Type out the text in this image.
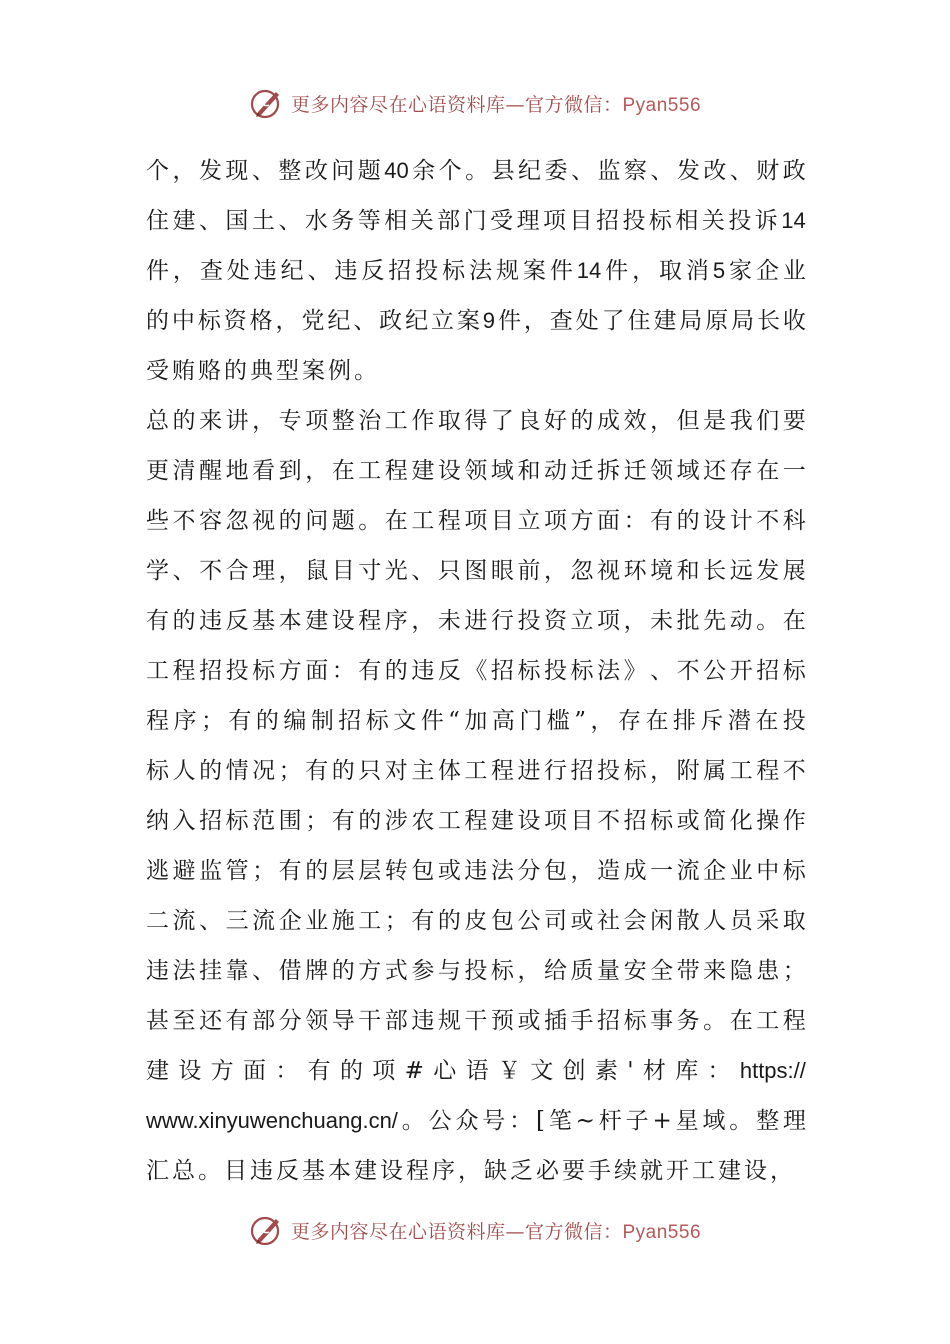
更多内容尽在心语资料库—官方微信：Pyan556
个 ， 发 现 、 整 改 问 题 40 余 个 。 县 纪 委 、 监 察 、 发 改 、 财 政
住 建 、 国 土 、 水 务 等 相 关 部 门 受 理 项 目 招 投 标 相 关 投 诉 14
件 ， 查 处 违 纪 、 违 反 招 投 标 法 规 案 件 14 件 ， 取 消 5 家 企 业
的 中 标 资 格 ， 党 纪 、 政 纪 立 案 9 件 ， 查 处 了 住 建 局 原 局 长 收
受 贿 赂 的 典 型 案 例 。
总 的 来 讲 ， 专 项 整 治 工 作 取 得 了 良 好 的 成 效 ， 但 是 我 们 要
更 清 醒 地 看 到 ， 在 工 程 建 设 领 域 和 动 迁 拆 迁 领 域 还 存 在 一
些 不 容 忽 视 的 问 题 。 在 工 程 项 目 立 项 方 面 ： 有 的 设 计 不 科
学 、 不 合 理 ， 鼠 目 寸 光 、 只 图 眼 前 ， 忽 视 环 境 和 长 远 发 展
有 的 违 反 基 本 建 设 程 序 ， 未 进 行 投 资 立 项 ， 未 批 先 动 。 在
工 程 招 投 标 方 面 ： 有 的 违 反 《 招 标 投 标 法 》 、 不 公 开 招 标
程 序 ； 有 的 编 制 招 标 文 件 “ 加 高 门 槛 ” ， 存 在 排 斥 潜 在 投
标 人 的 情 况 ； 有 的 只 对 主 体 工 程 进 行 招 投 标 ， 附 属 工 程 不
纳 入 招 标 范 围 ； 有 的 涉 农 工 程 建 设 项 目 不 招 标 或 简 化 操 作
逃 避 监 管 ； 有 的 层 层 转 包 或 违 法 分 包 ， 造 成 一 流 企 业 中 标
二 流 、 三 流 企 业 施 工 ； 有 的 皮 包 公 司 或 社 会 闲 散 人 员 采 取
违 法 挂 靠 、 借 牌 的 方 式 参 与 投 标 ， 给 质 量 安 全 带 来 隐 患 ；
甚 至 还 有 部 分 领 导 干 部 违 规 干 预 或 插 手 招 标 事 务 。 在 工 程
建 设 方 面 ： 有 的 项 # 心 语 ￥ 文 创 素 ' 材 库 ： https://
www.xinyuwenchuang.cn/ 。 公 众 号 ： [ 笔 ~ 杆 子 + 星 域 。 整 理
汇 总 。 目 违 反 基 本 建 设 程 序 ， 缺 乏 必 要 手 续 就 开 工 建 设 ，
更多内容尽在心语资料库—官方微信：Pyan556
